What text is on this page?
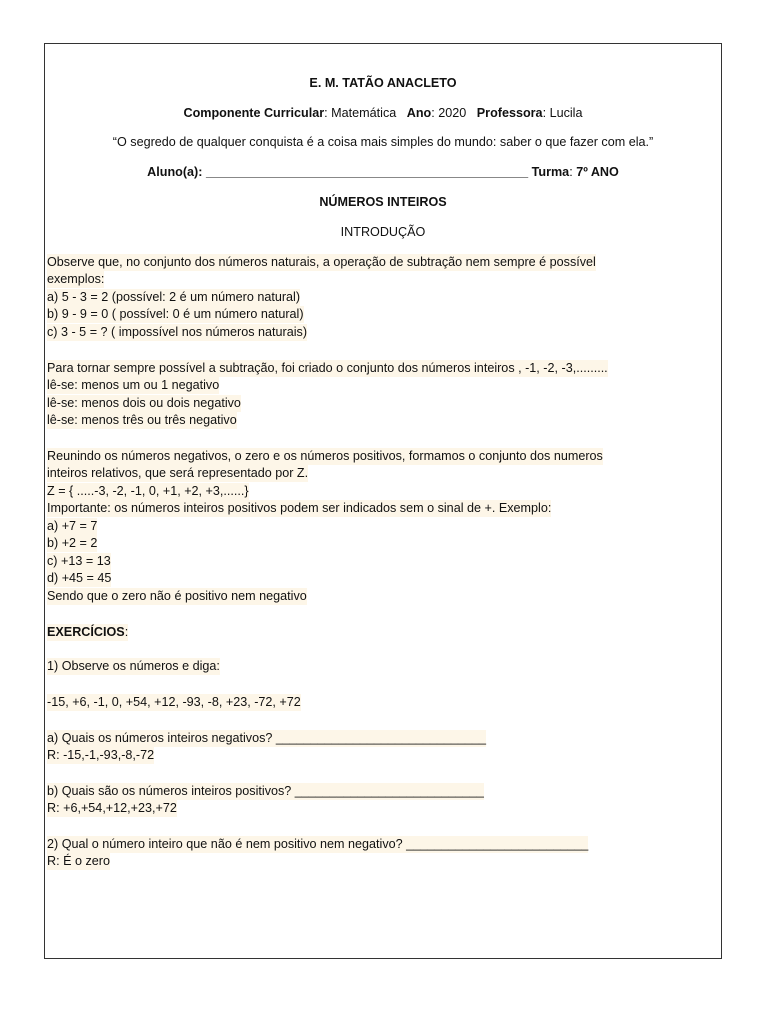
E. M. TATÃO ANACLETO
Componente Curricular: Matemática Ano: 2020 Professora: Lucila
“O segredo de qualquer conquista é a coisa mais simples do mundo: saber o que fazer com ela.”
Aluno(a): ______________________________________________ Turma: 7º ANO
NÚMEROS INTEIROS
INTRODUÇÃO
Observe que, no conjunto dos números naturais, a operação de subtração nem sempre é possível
exemplos:
a) 5 - 3 = 2 (possível: 2 é um número natural)
b) 9 - 9 = 0 ( possível: 0 é um número natural)
c) 3 - 5 = ? ( impossível nos números naturais)
Para tornar sempre possível a subtração, foi criado o conjunto dos números inteiros , -1, -2, -3,.........
lê-se: menos um ou 1 negativo
lê-se: menos dois ou dois negativo
lê-se: menos três ou três negativo
Reunindo os números negativos, o zero e os números positivos, formamos o conjunto dos numeros
inteiros relativos, que será representado por Z.
Z = { .....-3, -2, -1, 0, +1, +2, +3,......}
Importante: os números inteiros positivos podem ser indicados sem o sinal de +. Exemplo:
a) +7 = 7
b) +2 = 2
c) +13 = 13
d) +45 = 45
Sendo que o zero não é positivo nem negativo
EXERCÍCIOS:
1) Observe os números e diga:
-15, +6, -1, 0, +54, +12, -93, -8, +23, -72, +72
a) Quais os números inteiros negativos? ______________________________
R: -15,-1,-93,-8,-72
b) Quais são os números inteiros positivos? ___________________________
R: +6,+54,+12,+23,+72
2) Qual o número inteiro que não é nem positivo nem negativo? __________________________
R: É o zero
